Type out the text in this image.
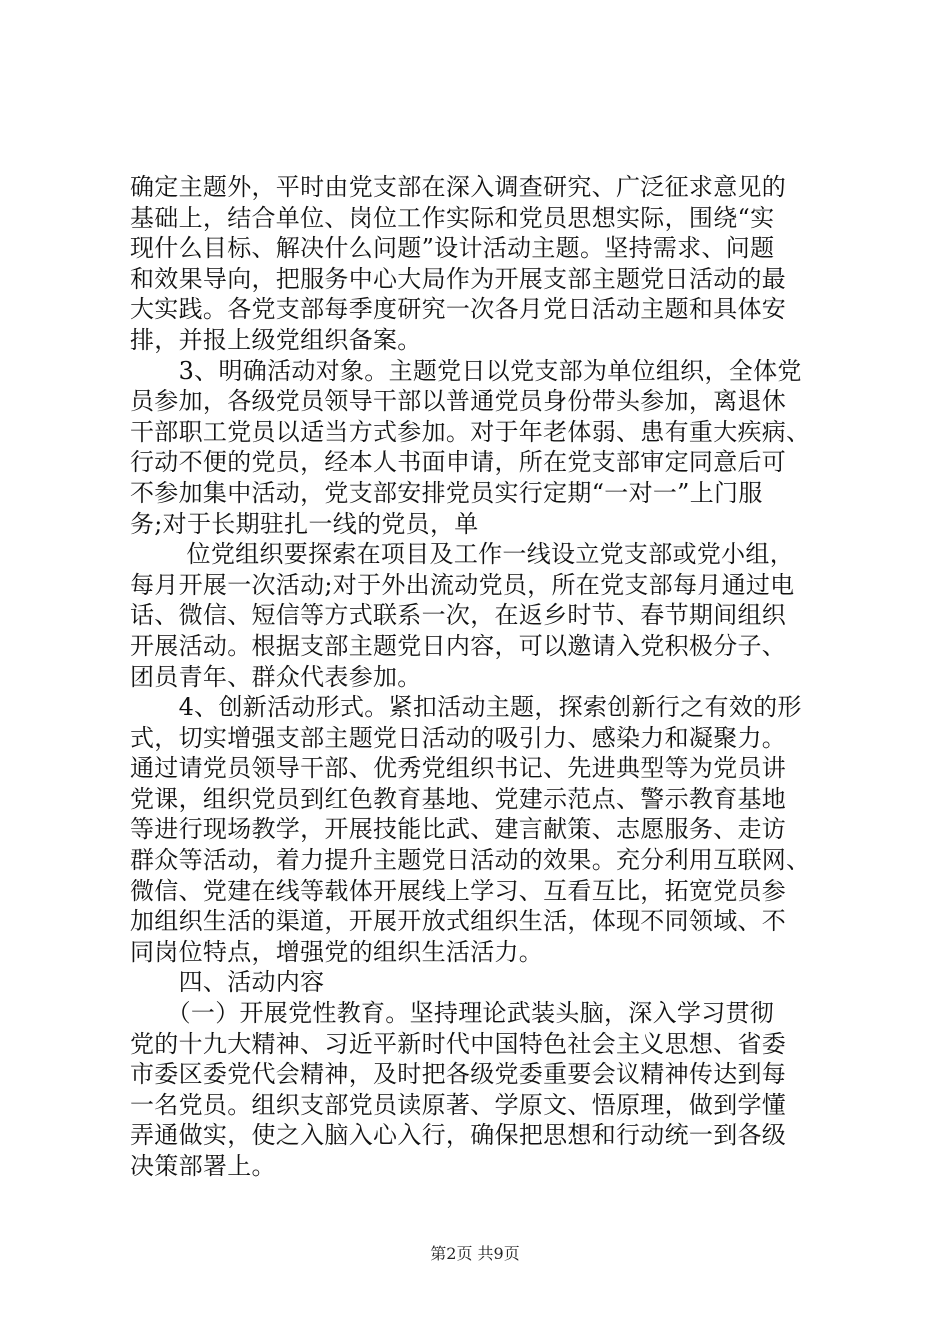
确定主题外，平时由党支部在深入调查研究、广泛征求意见的
基础上，结合单位、岗位工作实际和党员思想实际，围绕“实
现什么目标、解决什么问题”设计活动主题。坚持需求、问题
和效果导向，把服务中心大局作为开展支部主题党日活动的最
大实践。各党支部每季度研究一次各月党日活动主题和具体安
排，并报上级党组织备案。
　　3、明确活动对象。主题党日以党支部为单位组织，全体党
员参加，各级党员领导干部以普通党员身份带头参加，离退休
干部职工党员以适当方式参加。对于年老体弱、患有重大疾病、
行动不便的党员，经本人书面申请，所在党支部审定同意后可
不参加集中活动，党支部安排党员实行定期“一对一”上门服
务;对于长期驻扎一线的党员，单
　　 位党组织要探索在项目及工作一线设立党支部或党小组，
每月开展一次活动;对于外出流动党员，所在党支部每月通过电
话、微信、短信等方式联系一次，在返乡时节、春节期间组织
开展活动。根据支部主题党日内容，可以邀请入党积极分子、
团员青年、群众代表参加。
　　4、创新活动形式。紧扣活动主题，探索创新行之有效的形
式，切实增强支部主题党日活动的吸引力、感染力和凝聚力。
通过请党员领导干部、优秀党组织书记、先进典型等为党员讲
党课，组织党员到红色教育基地、党建示范点、警示教育基地
等进行现场教学，开展技能比武、建言献策、志愿服务、走访
群众等活动，着力提升主题党日活动的效果。充分利用互联网、
微信、党建在线等载体开展线上学习、互看互比，拓宽党员参
加组织生活的渠道，开展开放式组织生活，体现不同领域、不
同岗位特点，增强党的组织生活活力。
　　四、活动内容
　　（一）开展党性教育。坚持理论武装头脑，深入学习贯彻
党的十九大精神、习近平新时代中国特色社会主义思想、省委
市委区委党代会精神，及时把各级党委重要会议精神传达到每
一名党员。组织支部党员读原著、学原文、悟原理，做到学懂
弄通做实，使之入脑入心入行，确保把思想和行动统一到各级
决策部署上。
第2页 共9页
